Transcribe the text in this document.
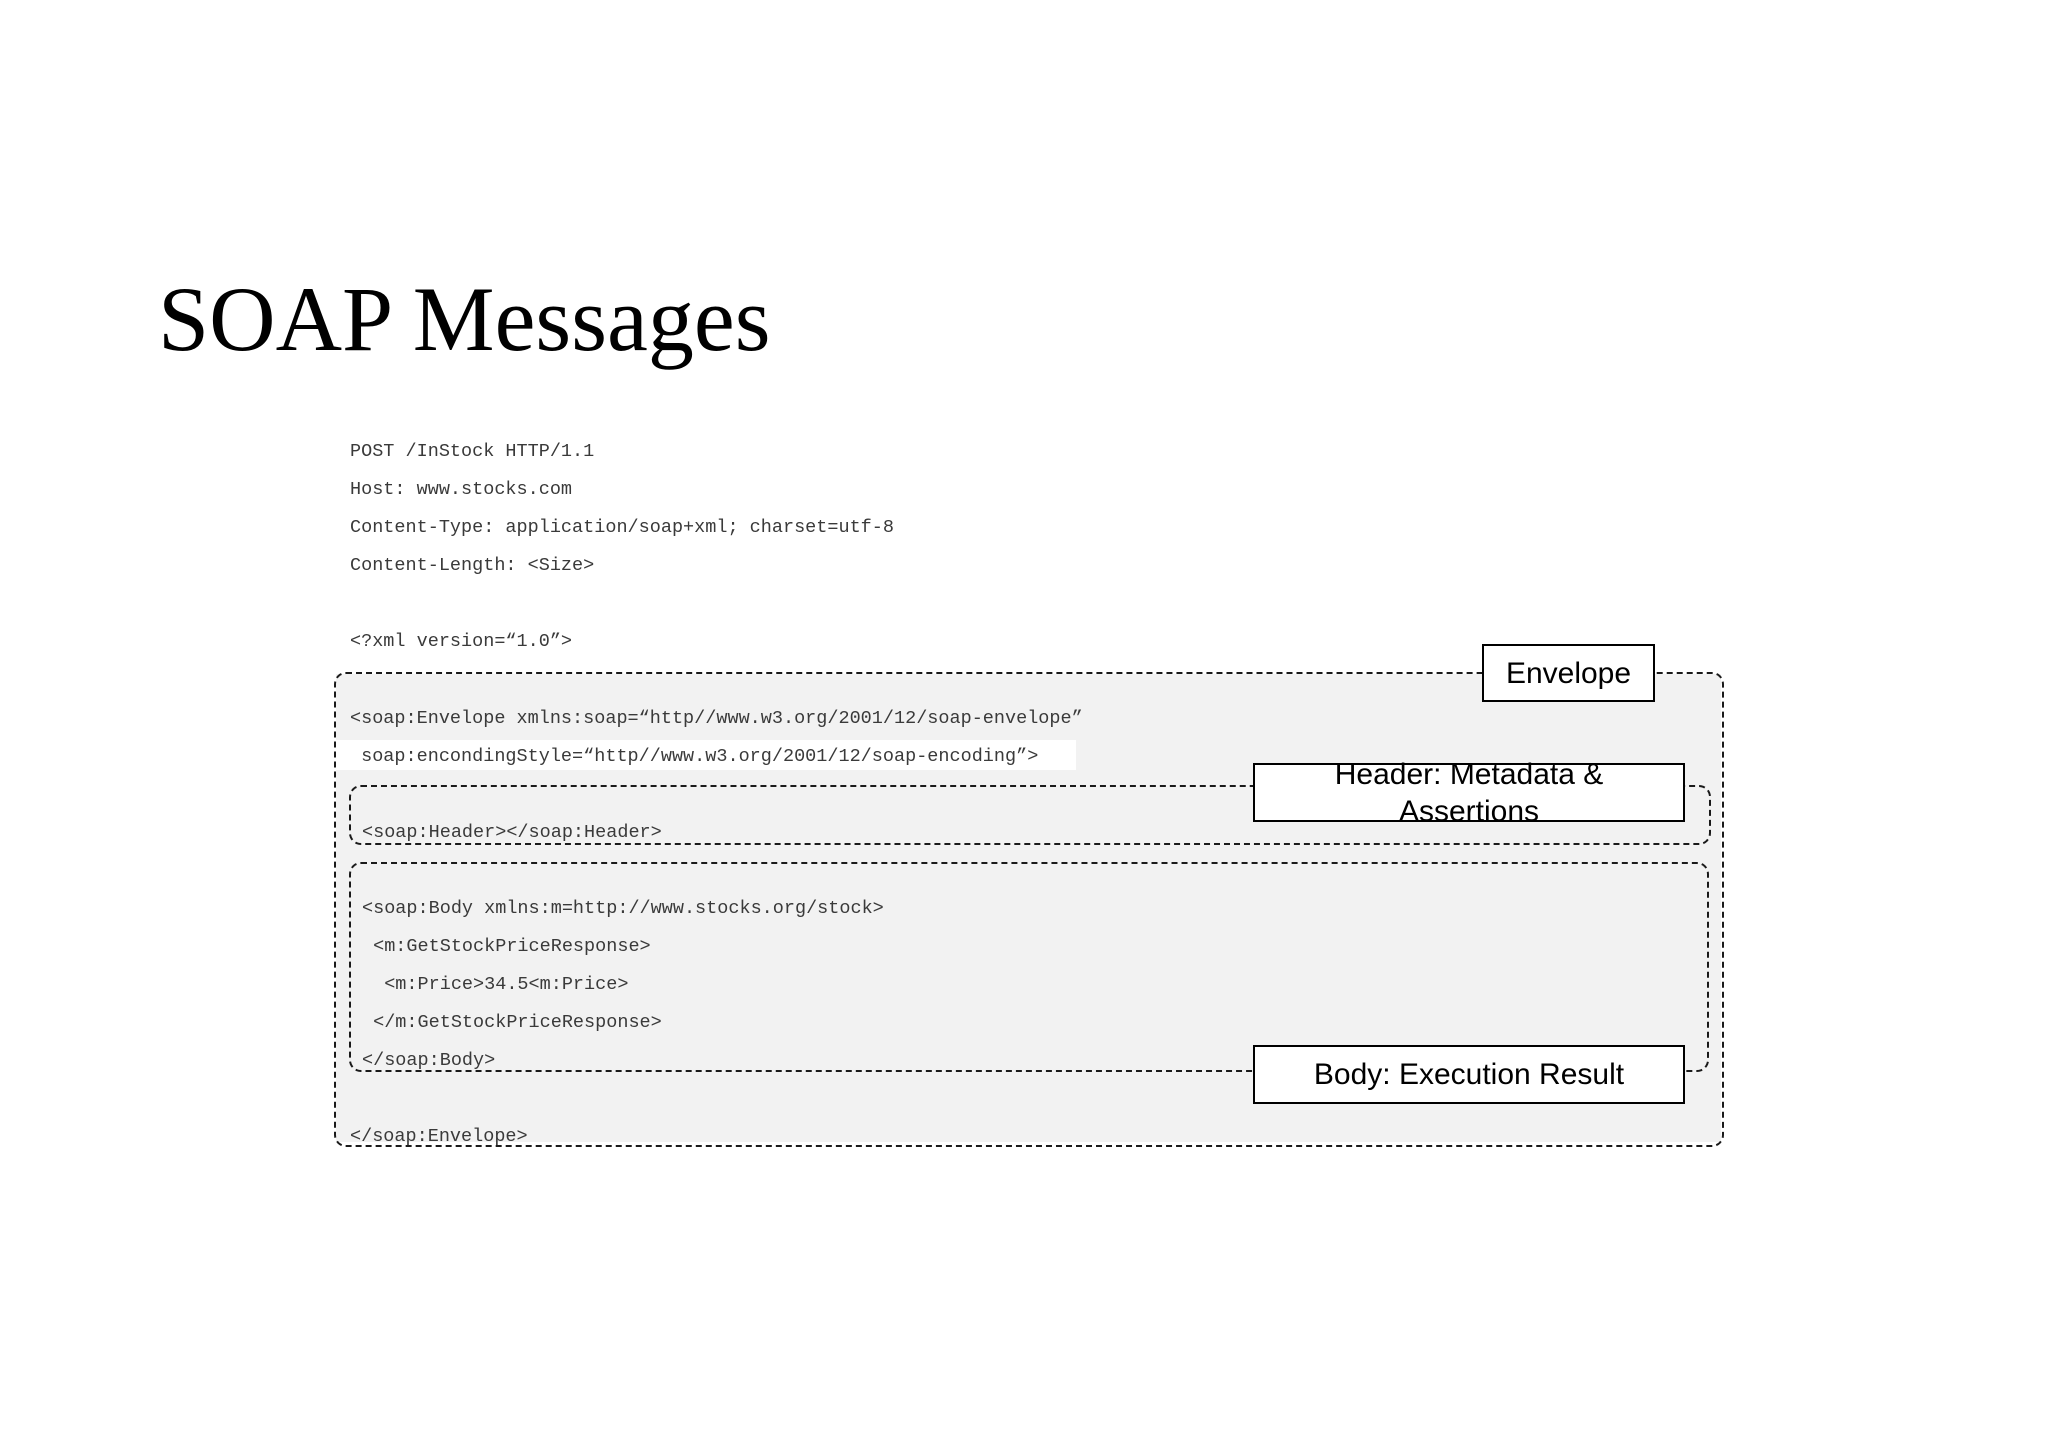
SOAP Messages
POST /InStock HTTP/1.1
Host: www.stocks.com
Content-Type: application/soap+xml; charset=utf-8
Content-Length: <Size>
<?xml version=“1.0”>
<soap:Envelope xmlns:soap=“http//www.w3.org/2001/12/soap-envelope”
soap:encondingStyle=“http//www.w3.org/2001/12/soap-encoding”>
<soap:Header></soap:Header>
<soap:Body xmlns:m=http://www.stocks.org/stock>
<m:GetStockPriceResponse>
<m:Price>34.5<m:Price>
</m:GetStockPriceResponse>
</soap:Body>
</soap:Envelope>
Envelope
Header: Metadata & Assertions
Body: Execution Result
